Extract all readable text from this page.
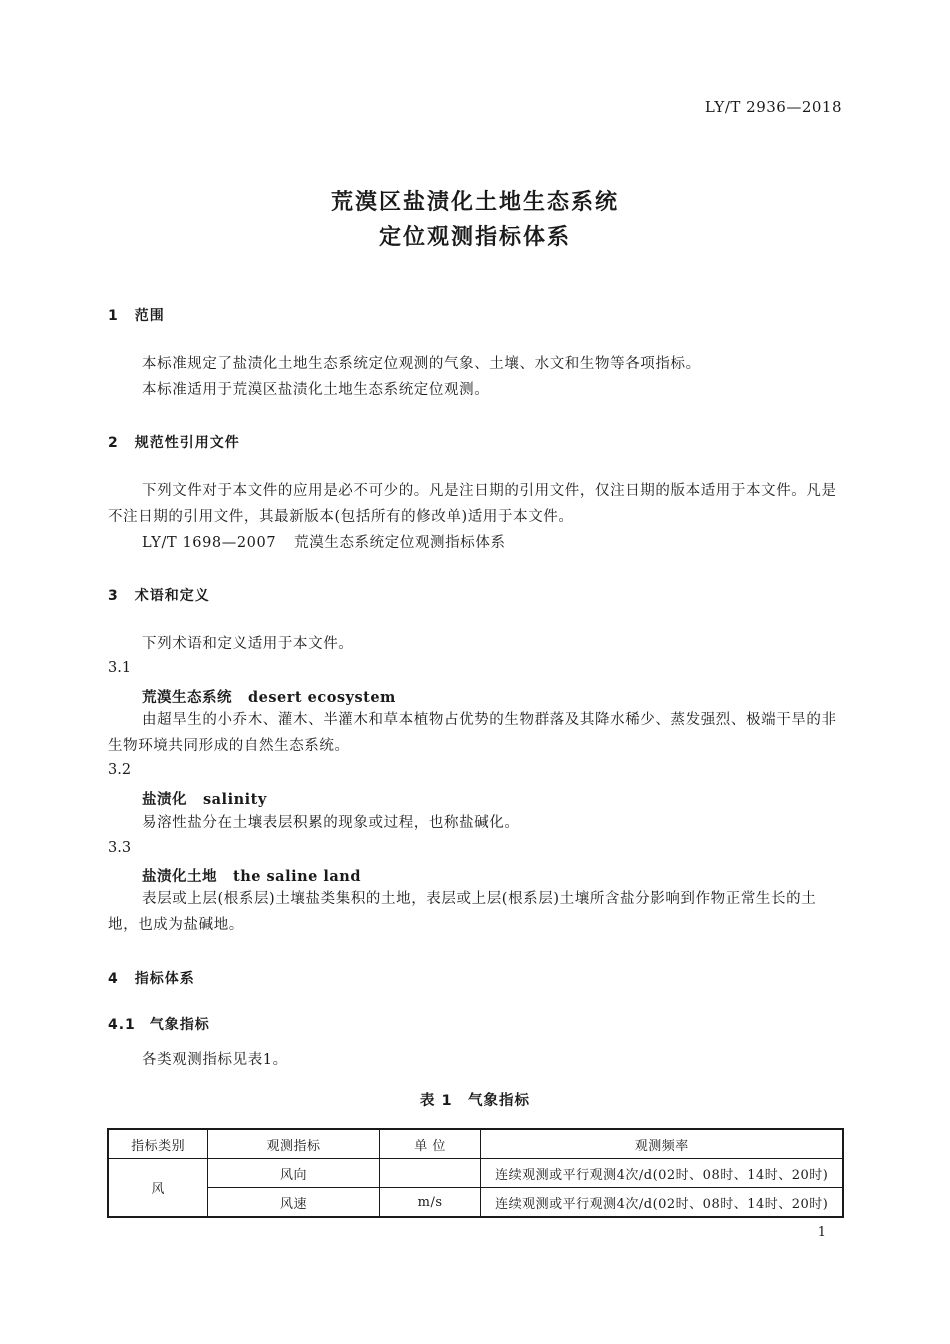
LY/T 2936—2018
荒漠区盐渍化土地生态系统
定位观测指标体系
1 范围
本标准规定了盐渍化土地生态系统定位观测的气象、土壤、水文和生物等各项指标。
本标准适用于荒漠区盐渍化土地生态系统定位观测。
2 规范性引用文件
下列文件对于本文件的应用是必不可少的。凡是注日期的引用文件，仅注日期的版本适用于本文件。凡是不注日期的引用文件，其最新版本(包括所有的修改单)适用于本文件。
LY/T 1698—2007 荒漠生态系统定位观测指标体系
3 术语和定义
下列术语和定义适用于本文件。
3.1
荒漠生态系统 desert ecosystem
由超旱生的小乔木、灌木、半灌木和草本植物占优势的生物群落及其降水稀少、蒸发强烈、极端干旱的非生物环境共同形成的自然生态系统。
3.2
盐渍化 salinity
易溶性盐分在土壤表层积累的现象或过程，也称盐碱化。
3.3
盐渍化土地 the saline land
表层或上层(根系层)土壤盐类集积的土地，表层或上层(根系层)土壤所含盐分影响到作物正常生长的土地，也成为盐碱地。
4 指标体系
4.1 气象指标
各类观测指标见表1。
表 1　气象指标
指标类别	观测指标	单 位	观测频率
风	风向		连续观测或平行观测4次/d(02时、08时、14时、20时)
	风速	m/s	连续观测或平行观测4次/d(02时、08时、14时、20时)
1
